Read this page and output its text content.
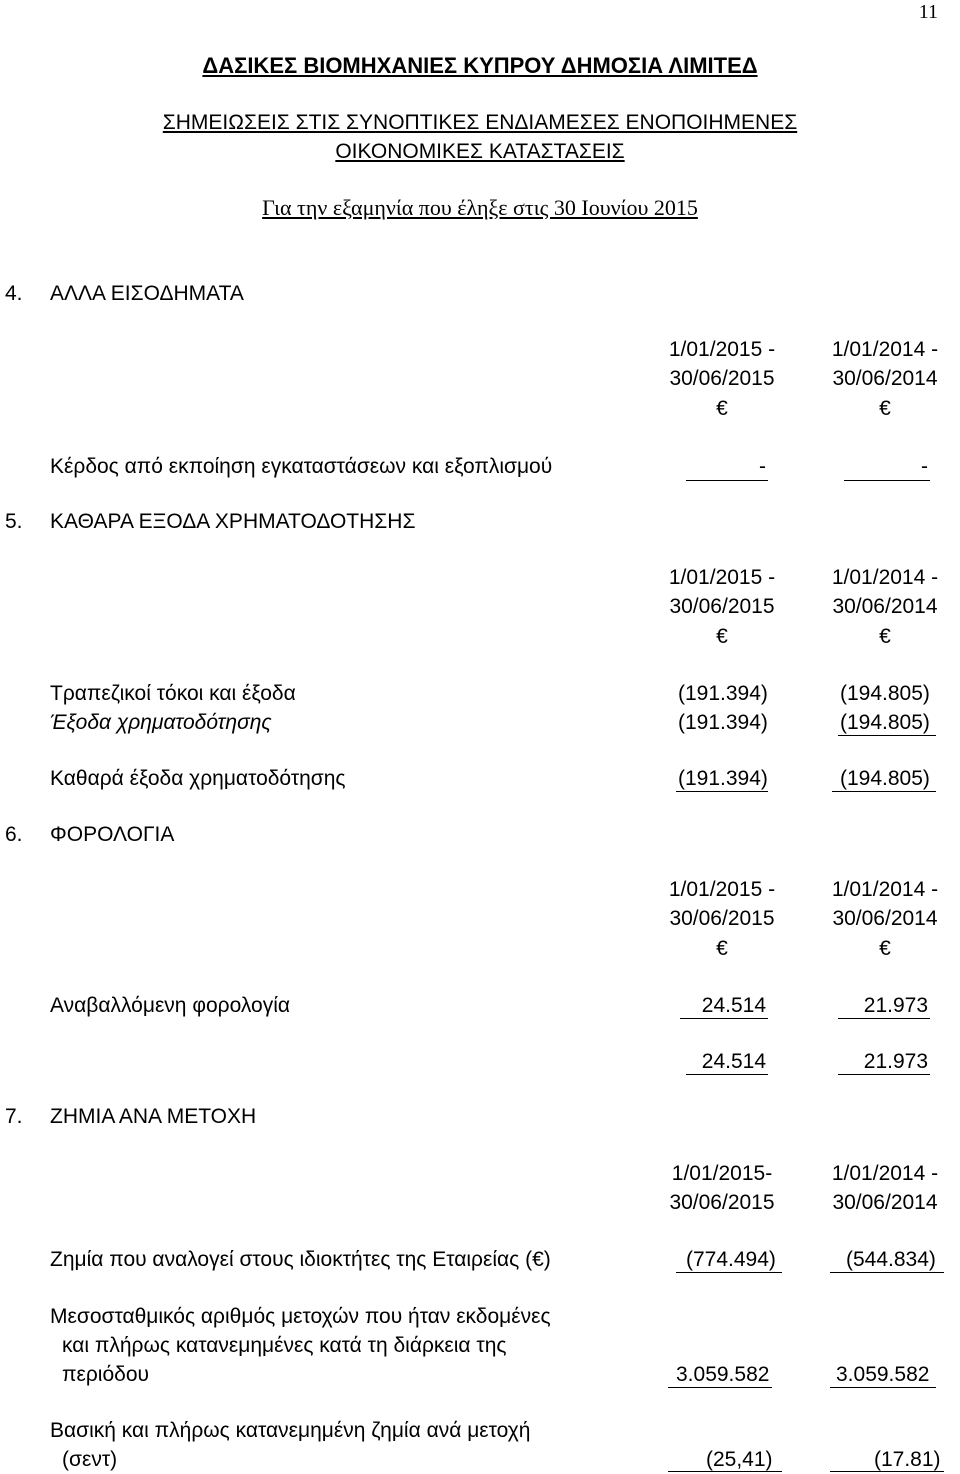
11
ΔΑΣΙΚΕΣ ΒΙΟΜΗΧΑΝΙΕΣ ΚΥΠΡΟΥ ΔΗΜΟΣΙΑ ΛΙΜΙΤΕΔ
ΣΗΜΕΙΩΣΕΙΣ ΣΤΙΣ ΣΥΝΟΠΤΙΚΕΣ ΕΝΔΙΑΜΕΣΕΣ ΕΝΟΠΟΙΗΜΕΝΕΣ
ΟΙΚΟΝΟΜΙΚΕΣ ΚΑΤΑΣΤΑΣΕΙΣ
Για την εξαμηνία που έληξε στις 30 Ιουνίου 2015
4. ΑΛΛΑ ΕΙΣΟΔΗΜΑΤΑ
1/01/2015 -
30/06/2015
€
1/01/2014 -
30/06/2014
€
Κέρδος από εκποίηση εγκαταστάσεων και εξοπλισμού	-	-
5. ΚΑΘΑΡΑ ΕΞΟΔΑ ΧΡΗΜΑΤΟΔΟΤΗΣΗΣ
1/01/2015 -
30/06/2015
€
1/01/2014 -
30/06/2014
€
Τραπεζικοί τόκοι και έξοδα	(191.394)	(194.805)
Έξοδα χρηματοδότησης	(191.394)	(194.805)
Καθαρά έξοδα χρηματοδότησης	(191.394)	(194.805)
6. ΦΟΡΟΛΟΓΙΑ
1/01/2015 -
30/06/2015
€
1/01/2014 -
30/06/2014
€
Αναβαλλόμενη φορολογία	24.514	21.973
24.514	21.973
7. ΖΗΜΙΑ ΑΝΑ ΜΕΤΟΧΗ
1/01/2015-
30/06/2015
1/01/2014 -
30/06/2014
Ζημία που αναλογεί στους ιδιοκτήτες της Εταιρείας (€)	(774.494)	(544.834)
Μεσοσταθμικός αριθμός μετοχών που ήταν εκδομένες
και πλήρως κατανεμημένες κατά τη διάρκεια της
περιόδου	3.059.582	3.059.582
Βασική και πλήρως κατανεμημένη ζημία ανά μετοχή
(σεντ)	(25,41)	(17.81)
